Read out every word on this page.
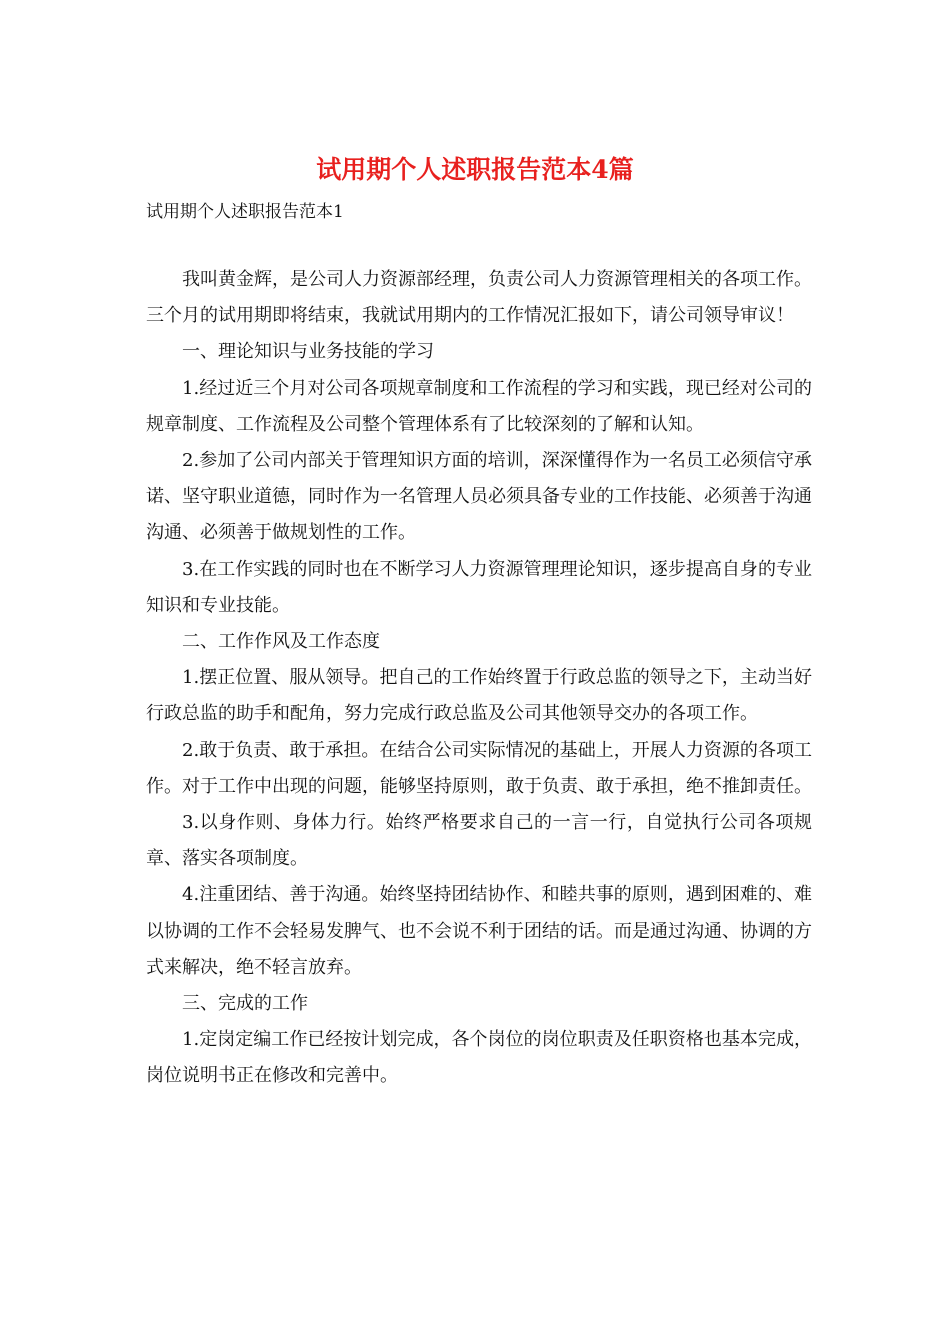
试用期个人述职报告范本4篇
试用期个人述职报告范本1

我叫黄金辉，是公司人力资源部经理，负责公司人力资源管理相关的各项工作。三个月的试用期即将结束，我就试用期内的工作情况汇报如下，请公司领导审议！

一、理论知识与业务技能的学习

1.经过近三个月对公司各项规章制度和工作流程的学习和实践，现已经对公司的规章制度、工作流程及公司整个管理体系有了比较深刻的了解和认知。

2.参加了公司内部关于管理知识方面的培训，深深懂得作为一名员工必须信守承诺、坚守职业道德，同时作为一名管理人员必须具备专业的工作技能、必须善于沟通沟通、必须善于做规划性的工作。

3.在工作实践的同时也在不断学习人力资源管理理论知识，逐步提高自身的专业知识和专业技能。

二、工作作风及工作态度

1.摆正位置、服从领导。把自己的工作始终置于行政总监的领导之下，主动当好行政总监的助手和配角，努力完成行政总监及公司其他领导交办的各项工作。

2.敢于负责、敢于承担。在结合公司实际情况的基础上，开展人力资源的各项工作。对于工作中出现的问题，能够坚持原则，敢于负责、敢于承担，绝不推卸责任。

3.以身作则、身体力行。始终严格要求自己的一言一行，自觉执行公司各项规章、落实各项制度。

4.注重团结、善于沟通。始终坚持团结协作、和睦共事的原则，遇到困难的、难以协调的工作不会轻易发脾气、也不会说不利于团结的话。而是通过沟通、协调的方式来解决，绝不轻言放弃。

三、完成的工作

1.定岗定编工作已经按计划完成，各个岗位的岗位职责及任职资格也基本完成，岗位说明书正在修改和完善中。
